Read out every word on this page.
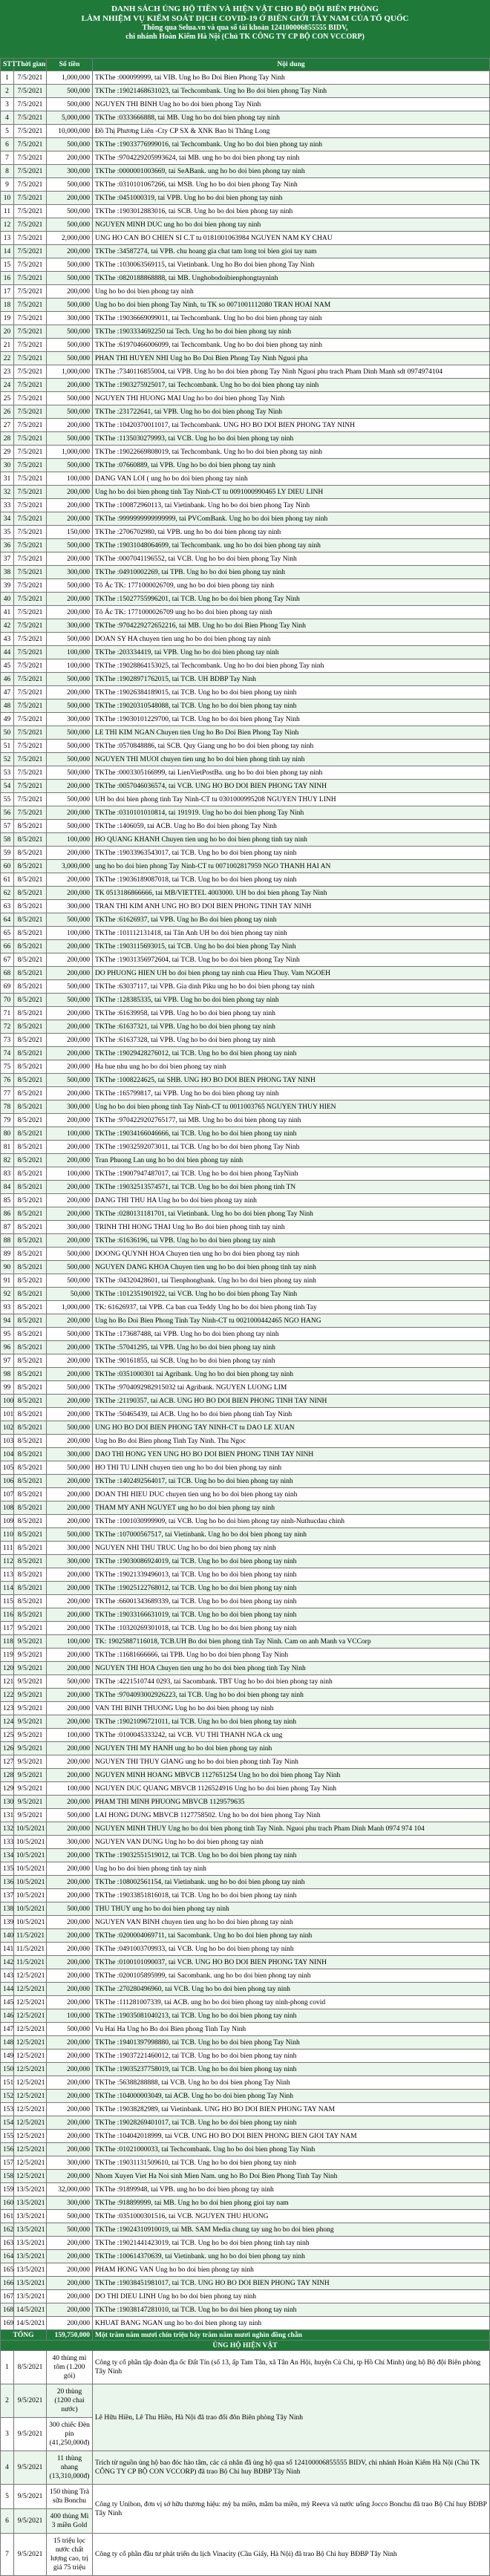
DANH SÁCH ỦNG HỘ TIỀN VÀ HIỆN VẬT CHO BỘ ĐỘI BIÊN PHÒNG
LÀM NHIỆM VỤ KIỂM SOÁT DỊCH COVID-19 Ở BIÊN GIỚI TÂY NAM CỦA TỔ QUỐC
Thông qua Selua.vn và qua số tài khoản 124100006855555 BIDV,
chi nhánh Hoàn Kiếm Hà Nội (Chủ TK CÔNG TY CP BỘ CON VCCORP)
STT	Thời gian	Số tiền	Nội dung
1	7/5/2021	1,000,000	TKThe :000099999, tai VIB. Ung ho Bo Doi Bien Phong Tay Ninh
2	7/5/2021	500,000	TKThe :19021468631023, tai Techcombank. Ung ho Bo doi bien phong Tay Ninh
3	7/5/2021	500,000	NGUYEN THI BINH Ung ho bo doi bien phong Tay Ninh
4	7/5/2021	5,000,000	TKThe :0333666888, tai MB. Ung ho bo doi bien phong tay ninh
5	7/5/2021	10,000,000	Đồ Thị Phương Liên -Cty CP SX & XNK Bao bì Thăng Long
6	7/5/2021	500,000	TKThe :19033776999016, tai Techcombank. Ung ho bo doi bien phong tay ninh
7	7/5/2021	200,000	TKThe :9704229205993624, tai MB. ung ho bo doi bien phong tay ninh
8	7/5/2021	300,000	TKThe :0000001003669, tai SeABank. ung ho bo doi bien phong tay ninh
9	7/5/2021	500,000	TKThe :0310101067266, tai MSB. Ung ho bo doi bien phong Tay Ninh
10	7/5/2021	200,000	TKThe :0451000319, tai VPB. Ung ho bo doi bien phong tay ninh
11	7/5/2021	500,000	TKThe :1903012883016, tai SCB. Ung ho bo doi bien phong tay ninh
12	7/5/2021	500,000	NGUYEN MINH DUC ung ho bo doi bien phong tay ninh
13	7/5/2021	2,000,000	UNG HO CAN BO CHIEN SI C.T tu 0181001063984 NGUYEN NAM KY CHAU
14	7/5/2021	200,000	TKThe :34587274, tai VPB. chu hoang gia chat tam long toi bien gioi tay nam
15	7/5/2021	500,000	TKThe :1030063569115, tai Vietinbank. Ung ho Bo doi bien phong Tay Ninh
16	7/5/2021	500,000	TKThe :0820188868888, tai MB. Unghobodoibienphongtayninh
17	7/5/2021	200,000	Ung ho bo doi bien phong tay ninh
18	7/5/2021	500,000	Ung ho bo doi bien phong Tay Ninh, tu TK so 0071001112080 TRAN HOAI NAM
19	7/5/2021	300,000	TKThe :19036669099011, tai Techcombank. Ung ho bo doi bien phong tay ninh
20	7/5/2021	500,000	TKThe :1903334692250 tai Tech. Ung ho bo doi bien phong tay ninh
21	7/5/2021	500,000	TKThe :61970466006099, tai Techcombank. Ung ho bo doi bien phong tay ninh
22	7/5/2021	500,000	PHAN THI HUYEN NHI Ung ho Bo Doi Bien Phong Tay Ninh Nguoi pha
23	7/5/2021	1,000,000	TKThe :7340116855004, tai VPB. Ung ho bo doi bien phong Tay Ninh Nguoi phu trach Pham Dinh Manh sdt 0974974104
24	7/5/2021	200,000	TKThe :1903275925017, tai Techcombank. Ung ho bo doi bien phong tay ninh
25	7/5/2021	500,000	NGUYEN THI HUONG MAI Ung ho bo doi bien phong Tay Ninh
26	7/5/2021	500,000	TKThe :231722641, tai VPB. Ung ho bo doi bien phong Tay Ninh
27	7/5/2021	200,000	TKThe :10420370011017, tai Techcombank. UNG HO BO DOI BIEN PHONG TAY NINH
28	7/5/2021	500,000	TKThe :1135030279993, tai VCB. Ung ho bo doi bien phong tay ninh
29	7/5/2021	1,000,000	TKThe :19022669808019, tai Techcombank. Ung ho bo doi bien phong tay ninh
30	7/5/2021	500,000	TKThe :07660889, tai VPB. Ung ho bo doi bien phong tay ninh
31	7/5/2021	100,000	DANG VAN LOI ( ung ho bo doi bien phong tay ninh
32	7/5/2021	200,000	Ung ho bo doi bien phong tinh Tay Ninh-CT tu 0091000990465 LY DIEU LINH
33	7/5/2021	200,000	TKThe :100872960113, tai Vietinbank. Ung ho bo doi bien phong Tay Ninh
34	7/5/2021	200,000	TKThe :9999999999999999, tai PVComBank. Ung ho bo doi bien phong tay ninh
35	7/5/2021	150,000	TKThe :2706702980, tai VPB. ung ho bo doi bien phong tay ninh
36	7/5/2021	500,000	TKThe :19031048064699, tai Techcombank. ung ho bo doi bien phong tay ninh
37	7/5/2021	200,000	TKThe :0007041196552, tai VCB. Ung ho bo doi bien phong Tay Ninh
38	7/5/2021	300,000	TKThe :04910002269, tai TPB. Ung ho bo doi bien phong tay ninh
39	7/5/2021	500,000	Tô Ác TK: 1771000026709, ung ho bo doi bien phong tay ninh
40	7/5/2021	200,000	TKThe :15027755996201, tai TCB. Ung ho bo doi bien phong Tay Ninh
41	7/5/2021	200,000	Tô Ác TK: 1771000026709 ung ho bo doi bien phong tay ninh
42	7/5/2021	300,000	TKThe :9704229272652216, tai MB. Ung ho bo doi Bien Phong Tay Ninh
43	7/5/2021	500,000	DOAN SY HA chuyen tien ung ho bo doi bien phong tay ninh
44	7/5/2021	100,000	TKThe :203334419, tai VPB. Ung ho bo doi bien phong tay ninh
45	7/5/2021	100,000	TKThe :19028864153025, tai Techcombank. Ung ho bo doi bien phong Tay ninh
46	7/5/2021	500,000	TKThe :19028971762015, tai TCB. UH BDBP Tay Ninh
47	7/5/2021	200,000	TKThe :19026384189015, tai TCB. Ung ho bo doi bien phong tay ninh
48	7/5/2021	500,000	TKThe :19020310548088, tai TCB. Ung ho bo doi bien phong tay ninh
49	7/5/2021	300,000	TKThe :19030101229700, tai TCB. Ung ho bo doi bien phong Tay Ninh
50	7/5/2021	500,000	LE THI KIM NGAN Chuyen tien Ung ho Bo Doi Bien Phong Tay Ninh
51	7/5/2021	500,000	TKThe :0570848886, tai SCB. Quy Giang ung ho bo doi bien phong tay ninh
52	7/5/2021	500,000	NGUYEN THI MUOI chuyen tien ung ho bo doi bien phong tinh tay ninh
53	7/5/2021	500,000	TKThe :0003305166999, tai LienVietPostBa. ung ho bo doi bien phong tay ninh
54	7/5/2021	200,000	TKThe :0057046036574, tai VCB. UNG HO BO DOI BIEN PHONG TAY NINH
55	7/5/2021	500,000	UH bo doi bien phong tinh Tay Ninh-CT tu 0301000995208 NGUYEN THUY LINH
56	7/5/2021	200,000	TKThe :0310101010814, tai 191919. Ung ho bo doi bien phong Tay Ninh
57	8/5/2021	500,000	TKThe :1406059, tai ACB. Ung ho Bo doi bien phong Tay Ninh
58	8/5/2021	100,000	HO QUANG KHANH Chuyen tien ung ho bo doi bien phong tinh tay ninh
59	8/5/2021	200,000	TKThe :19033963543017, tai TCB. Ung ho bo doi bien phong tay ninh
60	8/5/2021	3,000,000	ung ho bo doi bien phong Tay Ninh-CT tu 0071002817959 NGO THANH HAI AN
61	8/5/2021	200,000	TKThe :19036189087018, tai TCB. Ung ho bo doi bien phong tay ninh
62	8/5/2021	200,000	TK 0513186866666, tai MB/VIETTEL 4003000. UH bo doi bien phong Tay Ninh
63	8/5/2021	300,000	TRAN THI KIM ANH UNG HO BO DOI BIEN PHONG TINH TAY NINH
64	8/5/2021	500,000	TKThe :61626937, tai VPB. Ung ho Bo doi bien phong tay ninh
65	8/5/2021	100,000	TKThe :101112131418, tai Tân Anh UH bo doi bien phong tay ninh
66	8/5/2021	200,000	TKThe :1903115693015, tai TCB. Ung ho bo doi bien phong Tay Ninh
67	8/5/2021	200,000	TKThe :19031356972604, tai TCB. Ung ho bo doi bien phong Tay Ninh
68	8/5/2021	200,000	DO PHUONG HIEN UH bo doi bien phong tay ninh cua Hieu Thuy. Vam NGOEH
69	8/5/2021	500,000	TKThe :63037117, tai VPB. Gia dinh Piku ung ho bo doi bien phong tay ninh
70	8/5/2021	500,000	TKThe :128385335, tai VPB. Ung ho bo doi bien phong tay ninh
71	8/5/2021	200,000	TKThe :61639958, tai VPB. Ung ho bo doi bien phong tay ninh
72	8/5/2021	200,000	TKThe :61637321, tai VPB. Ung ho bo doi bien phong tay ninh
73	8/5/2021	200,000	TKThe :61637328, tai VPB. Ung ho bo doi bien phong tay ninh
74	8/5/2021	200,000	TKThe :19029428276012, tai TCB. Ung ho bo doi bien phong tay ninh
75	8/5/2021	200,000	Ha hue nhu ung ho bo doi bien phong tay ninh
76	8/5/2021	500,000	TKThe :1008224625, tai SHB. UNG HO BO DOI BIEN PHONG TAY NINH
77	8/5/2021	200,000	TKThe :165799817, tai VPB. Ung ho bo doi bien phong tay ninh
78	8/5/2021	300,000	Ung ho bo doi bien phong tinh Tay Ninh-CT tu 0011003765 NGUYEN THUY HIEN
79	8/5/2021	200,000	TKThe :9704229202765177, tai MB. Ung ho bo doi bien phong tay ninh
80	8/5/2021	100,000	TKThe :19034166046666, tai TCB. Ung ho bo doi bien phong tay ninh
81	8/5/2021	200,000	TKThe :19032592073011, tai TCB. Ung ho bo doi bien phong Tay Ninh
82	8/5/2021	200,000	Tran Phuong Lan ung ho bo doi bien phong tay ninh
83	8/5/2021	100,000	TKThe :19007947487017, tai TCB. Ung ho bo doi bien phong TayNinh
84	8/5/2021	200,000	TKThe :19032513574571, tai TCB. Ung ho bo doi bien phong tinh TN
85	8/5/2021	200,000	DANG THI THU HA Ung ho bo doi bien phong tay ninh
86	8/5/2021	200,000	TKThe :0280131181701, tai Vietinbank. Ung ho bo doi bien phong Tay Ninh
87	8/5/2021	300,000	TRINH THI HONG THAI Ung ho Bo doi bien phong tinh tay ninh
88	8/5/2021	200,000	TKThe :61636196, tai VPB. Ung ho bo doi bien phong tay ninh
89	8/5/2021	500,000	DOONG QUYNH HOA Chuyen tien ung ho bo doi bien phong tay ninh
90	8/5/2021	500,000	NGUYEN DANG KHOA Chuyen tien ung ho bo doi bien phong tinh tay ninh
91	8/5/2021	500,000	TKThe :04320428601, tai Tienphongbank. Ung ho bo doi bien phong tay ninh
92	8/5/2021	50,000	TKThe :1012351901922, tai VCB. Ung ho bo doi bien phong Tay Ninh
93	8/5/2021	1,000,000	TK: 61626937, tai VPB. Ca ban cua Teddy Ung ho bo doi bien phong tinh Tay
94	8/5/2021	200,000	Ung ho Bo Doi Bien Phong Tinh Tay Ninh-CT tu 0021000442465 NGO HANG
95	8/5/2021	500,000	TKThe :173687488, tai VPB. Ung ho bo doi bien phong tay ninh
96	8/5/2021	200,000	TKThe :57041295, tai VPB. Ung ho bo doi bien phong tay ninh
97	8/5/2021	200,000	TKThe :90161855, tai SCB. Ung ho bo doi bien phong tay ninh
98	8/5/2021	200,000	TKThe :0351000301 tai Agribank. Ung ho bo doi bien phong tay ninh
99	8/5/2021	500,000	TKThe :9704092982915032 tai Agribank. NGUYEN LUONG LIM
100	8/5/2021	200,000	TKThe :21190357, tai ACB. UNG HO BO DOI BIEN PHONG TINH TAY NINH
101	8/5/2021	200,000	TKThe :50465439, tai ACB. Ung ho bo doi bien phong tinh Tay Ninh
102	8/5/2021	500,000	UNG HO BO DOI BIEN PHONG TAY NINH-CT tu DAO LE XUAN
103	8/5/2021	200,000	Ung ho Bo doi Bien phong Tinh Tay Ninh. Thu Ngoc
104	8/5/2021	300,000	DAO THI HONG YEN UNG HO BO DOI BIEN PHONG TINH TAY NINH
105	8/5/2021	500,000	HO THI TU LINH chuyen tien ung ho bo doi bien phong tay ninh
106	8/5/2021	200,000	TKThe :1402492564017, tai TCB. Ung ho bo doi bien phong tay ninh
107	8/5/2021	200,000	DOAN THI HIEU DUC chuyen tien ung ho bo doi bien phong tay ninh
108	8/5/2021	200,000	THAM MY ANH NGUYET ung ho bo doi bien phong tay ninh
109	8/5/2021	200,000	TKThe :1001030999909, tai VCB. Ung ho bo doi bien phong tay ninh-Nuthucdau chinh
110	8/5/2021	500,000	TKThe :107000567517, tai Vietinbank. Ung ho bo doi bien phong tay ninh
111	8/5/2021	300,000	NGUYEN NHI THU TRUC Ung ho bo doi bien phong tay ninh
112	8/5/2021	300,000	TKThe :19030086924019, tai TCB. Ung ho bo doi bien phong tay ninh
113	8/5/2021	200,000	TKThe :19021339496013, tai TCB. Ung ho bo doi bien phong tay ninh
114	8/5/2021	200,000	TKThe :19025122768012, tai TCB. Ung ho bo doi bien phong tay ninh
115	8/5/2021	200,000	TKThe :66001343689339, tai TCB. Ung ho bo doi bien phong tay ninh
116	8/5/2021	200,000	TKThe :19033166631019, tai TCB. Ung ho bo doi bien phong tay ninh
117	9/5/2021	200,000	TKThe :10320269301018, tai TCB. Ung ho bo doi bien phong tay ninh
118	9/5/2021	100,000	TK: 19025887116018, TCB.UH Bo doi bien phong tinh Tay Ninh. Cam on anh Manh va VCCorp
119	9/5/2021	200,000	TKThe :11681666666, tai TPB. Ung ho bo doi bien phong Tay Ninh
120	9/5/2021	200,000	NGUYEN THI HOA Chuyen tien ung ho bo doi bien phong tinh Tay Ninh
121	9/5/2021	500,000	TKThe :4221510744 0293, tai Sacombank. TBT Ung ho bo doi bien phong tay ninh
122	9/5/2021	200,000	TKThe :9704093002926223, tai TCB. Ung ho bo doi bien phong tay ninh
123	9/5/2021	200,000	VAN THI BINH THUONG Ung ho bo doi bien phong tay ninh
124	9/5/2021	200,000	TKThe :19021096721011, tai TCB. Ung ho bo doi bien phong tay ninh
125	9/5/2021	100,000	TKThe :0100045333242, tai VCB. VU THI THANH NGA ck ung
126	9/5/2021	200,000	NGUYEN THI MY HANH ung ho bo doi bien phong tay ninh
127	9/5/2021	200,000	NGUYEN THI THUY GIANG ung ho bo doi bien phong tinh Tay Ninh
128	9/5/2021	200,000	NGUYEN MINH HOANG MBVCB 1127651254 Ung ho bo doi bien phong Tay Ninh
129	9/5/2021	100,000	NGUYEN DUC QUANG MBVCB 1126524916 Ung ho bo doi bien phong Tay Ninh
130	9/5/2021	200,000	PHAM THI MINH PHUONG MBVCB 1129579635
131	9/5/2021	500,000	LAI HONG DUNG MBVCB 1127758502. Ung ho bo doi bien phong Tay Ninh
132	10/5/2021	200,000	NGUYEN MINH THUY Ung ho bo doi bien phong tinh Tay Ninh. Nguoi phu trach Pham Dinh Manh 0974 974 104
133	10/5/2021	300,000	NGUYEN VAN DUNG Ung ho bo doi bien phong tay ninh
134	10/5/2021	200,000	TKThe :19032551519012, tai TCB. Ung ho bo doi bien phong tay ninh
135	10/5/2021	200,000	Ung ho bo doi bien phong tinh tay ninh
136	10/5/2021	200,000	TKThe :108002561154, tai Vietinbank. ung ho bo doi bien phong tay ninh
137	10/5/2021	200,000	TKThe :19033851816018, tai TCB. Ung ho bo doi bien phong tay ninh
138	10/5/2021	500,000	THU THUY ung ho bo doi bien phong tay ninh
139	10/5/2021	200,000	NGUYEN VAN BINH chuyen tien ung ho bo doi bien phong tay ninh
140	11/5/2021	200,000	TKThe :0200004069711, tai Sacombank. Ung ho bo doi bien phong tay ninh
141	11/5/2021	200,000	TKThe :0491003709933, tai VCB. Ung ho bo doi bien phong tay ninh
142	11/5/2021	200,000	TKThe :0100101090037, tai VCB. UNG HO BO DOI BIEN PHONG TAY NINH
143	12/5/2021	200,000	TKThe :0200105895999, tai Sacombank. ung ho bo doi bien phong tay ninh
144	12/5/2021	200,000	TKThe :270280496960, tai VCB. Ung ho bo doi bien phong tay ninh
145	12/5/2021	200,000	TKThe :111281007339, tai ACB. ung ho bo doi bien phong tay ninh-phong covid
146	12/5/2021	100,000	TKThe :19035081040213, tai TCB. Ung ho bo doi bien phong tay ninh
147	12/5/2021	500,000	Vu Hai Ha Ung ho Bo doi Bien phong Tinh Tay Ninh
148	12/5/2021	200,000	TKThe :19401397998880, tai TCB. Ung ho bo doi bien phong Tay Ninh
149	12/5/2021	200,000	TKThe :19037221460012, tai TCB. Ung ho bo doi bien phong tay ninh
150	12/5/2021	200,000	TKThe :19035237758019, tai TCB. Ung ho bo doi bien phong tay ninh
151	12/5/2021	200,000	TKThe :56388288888, tai VCB. Ung ho bo doi bien phong Tay Ninh
152	12/5/2021	200,000	TKThe :104000003049, tai ACB. Ung ho bo doi bien phong Tay Ninh
153	12/5/2021	200,000	TKThe :19038282989, tai Vietinbank. UNG HO BO DOI BIEN PHONG TAY NAM
154	12/5/2021	200,000	TKThe :19028269401017, tai TCB. Ung ho bo doi bien phong tay ninh
155	12/5/2021	200,000	TKThe :104042018999, tai VCB. UNG HO BO DOI BIEN PHONG BIEN GIOI TAY NAM
156	12/5/2021	200,000	TKThe :01021000033, tai Techcombank. Ung ho bo doi bien phong Tay Ninh
157	12/5/2021	300,000	TKThe :19031131509610, tai TCB. Ung ho bo doi bien phong tay ninh
158	12/5/2021	200,000	Nhom Xuyen Viet Ha Noi sinh Mien Nam. ung ho Bo Doi Bien Phong Tinh Tay Ninh
159	13/5/2021	32,000,000	TKThe :91899948, tai VPB. ung ho bo doi bien phong tay ninh
160	13/5/2021	300,000	TKThe :918899999, tai MB. Ung ho bo doi bien phong gioi tay nam
161	13/5/2021	500,000	TKThe :0351000301516, tai VCB. NGUYEN THU HUONG
162	13/5/2021	500,000	TKThe :19024310910019, tai MB. SAM Media chung tay ung ho bo doi bien phong
163	13/5/2021	200,000	TKThe :19021441423019, tai TCB. Ung ho bo doi bien phong tinh tay ninh
164	13/5/2021	200,000	TKThe :100614370639, tai Vietinbank. ung ho bo doi bien phong tay ninh
165	13/5/2021	200,000	PHAM HONG VAN Ung ho bo doi bien phong tay ninh
166	13/5/2021	200,000	TKThe :19038451981017, tai TCB. UNG HO BO DOI BIEN PHONG TAY NINH
167	13/5/2021	200,000	DO THI DIEU LINH Ung ho bo doi bien phong tay ninh
168	14/5/2021	200,000	TKThe :19038147281010, tai TCB. Ung ho bo doi bien phong tay ninh
169	14/5/2021	200,000	KHUAT BANG NGAN ung ho bo doi bien phong tay ninh
TỔNG		159,750,000	Một trăm năm mươi chín triệu bảy trăm năm mươi nghìn đồng chẵn
ỦNG HỘ HIỆN VẬT			
1	8/5/2021	40 thùng mì tôm (1.200 gói)	Công ty cổ phần tập đoàn địa ốc Đất Tín (số 13, ấp Tam Tân, xã Tân An Hội, huyện Củ Chi, tp Hồ Chí Minh) ủng hộ Bộ đội Biên phòng Tây Ninh
2	9/5/2021	20 thùng (1200 chai nước)	Lê Hữu Hiền, Lê Thu Hiền, Hà Nội đã trao đổi đôn Biên phòng Tây Ninh
3	9/5/2021	300 chiếc Đèn pin (41,250,000đ)	
4	9/5/2021	11 thùng nhang (13,310,000đ)	Trích từ nguồn ủng hộ bao đóc hào tâm, các cá nhân đã ủng hộ qua số 124100006855555 BIDV, chi nhánh Hoàn Kiếm Hà Nội (Chủ TK CÔNG TY CP BỘ CON VCCORP) đã trao Bộ Chỉ huy BĐBP Tây Ninh
5	9/5/2021	150 thùng Trà sữa Bonchu	Công ty Unibon, đơn vị sở hữu thương hiệu: mỳ ba miền, mắm ba miền, mỳ Reeva và nước uống Jocco Bonchu đã trao Bộ Chỉ huy BĐBP Tây Ninh
6	9/5/2021	400 thùng Mì 3 miền Gold	
7	9/5/2021	15 triệu lọc nước chất lượng cao, trị giá 75 triệu	Công ty cổ phần đầu tư phát triển du lịch Vinacity (Cầu Giấy, Hà Nội) đã trao Bộ Chỉ huy BĐBP Tây Ninh
